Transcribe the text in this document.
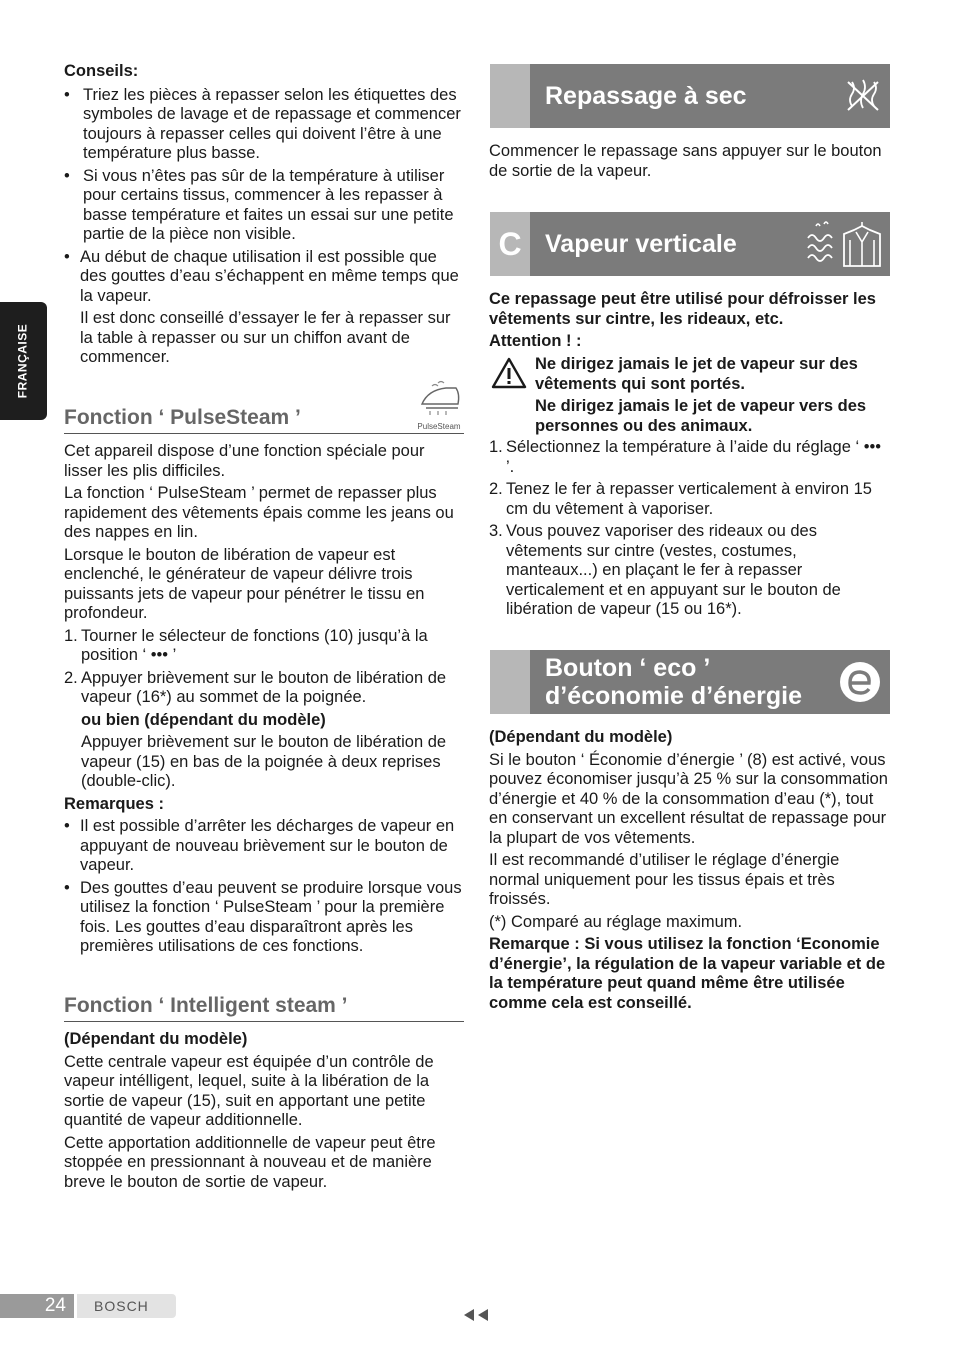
FRANÇAISE

Conseils:

• Triez les pièces à repasser selon les étiquettes des symboles de lavage et de repassage et commencer toujours à repasser celles qui doivent l’être à une température plus basse.

• Si vous n’êtes pas sûr de la température à utiliser pour certains tissus, commencer à les repasser à basse température et faites un essai sur une petite partie de la pièce non visible.

• Au début de chaque utilisation il est possible que des gouttes d’eau s’échappent en même temps que la vapeur.

Il est donc conseillé d’essayer le fer à repasser sur la table à repasser ou sur un chiffon avant de commencer.

Fonction ‘ PulseSteam ’	PulseSteam

Cet appareil dispose d’une fonction spéciale pour lisser les plis difficiles.

La fonction ‘ PulseSteam ’ permet de repasser plus rapidement des vêtements épais comme les jeans ou des nappes en lin.

Lorsque le bouton de libération de vapeur est enclenché, le générateur de vapeur délivre trois puissants jets de vapeur pour pénétrer le tissu en profondeur.

1. Tourner le sélecteur de fonctions (10) jusqu’à la position ‘ ••• ’

2. Appuyer brièvement sur le bouton de libération de vapeur (16*) au sommet de la poignée.

ou bien (dépendant du modèle)

Appuyer brièvement sur le bouton de libération de vapeur (15) en bas de la poignée à deux reprises (double-clic).

Remarques :

• Il est possible d’arrêter les décharges de vapeur en appuyant de nouveau brièvement sur le bouton de vapeur.

• Des gouttes d’eau peuvent se produire lorsque vous utilisez la fonction ‘ PulseSteam ’ pour la première fois. Les gouttes d’eau disparaîtront après les premières utilisations de ces fonctions.

Fonction ‘ Intelligent steam ’

(Dépendant du modèle)

Cette centrale vapeur est équipée d’un contrôle de vapeur intélligent, lequel, suite à la libération de la sortie de vapeur (15), suit en apportant une petite quantité de vapeur additionnelle.

Cette apportation additionnelle de vapeur peut être stoppée en pressionnant à nouveau et de manière breve le bouton de sortie de vapeur.

Repassage à sec

Commencer le repassage sans appuyer sur le bouton de sortie de la vapeur.

C Vapeur verticale

Ce repassage peut être utilisé pour défroisser les vêtements sur cintre, les rideaux, etc.

Attention ! :

Ne dirigez jamais le jet de vapeur sur des vêtements qui sont portés.

Ne dirigez jamais le jet de vapeur vers des personnes ou des animaux.

1. Sélectionnez la température à l’aide du réglage ‘ ••• ’.

2. Tenez le fer à repasser verticalement à environ 15 cm du vêtement à vaporiser.

3. Vous pouvez vaporiser des rideaux ou des vêtements sur cintre (vestes, costumes, manteaux...) en plaçant le fer à repasser verticalement et en appuyant sur le bouton de libération de vapeur (15 ou 16*).

Bouton ‘ eco ’
d’économie d’énergie

(Dépendant du modèle)

Si le bouton ‘ Économie d’énergie ’ (8) est activé, vous pouvez économiser jusqu’à 25 % sur la consommation d’énergie et 40 % de la consommation d’eau (*), tout en conservant un excellent résultat de repassage pour la plupart de vos vêtements.

Il est recommandé d’utiliser le réglage d’énergie normal uniquement pour les tissus épais et très froissés.

(*) Comparé au réglage maximum.

Remarque : Si vous utilisez la fonction ‘Economie d’énergie’, la régulation de la vapeur variable et de la température peut quand même être utilisée comme cela est conseillé.

24 BOSCH
